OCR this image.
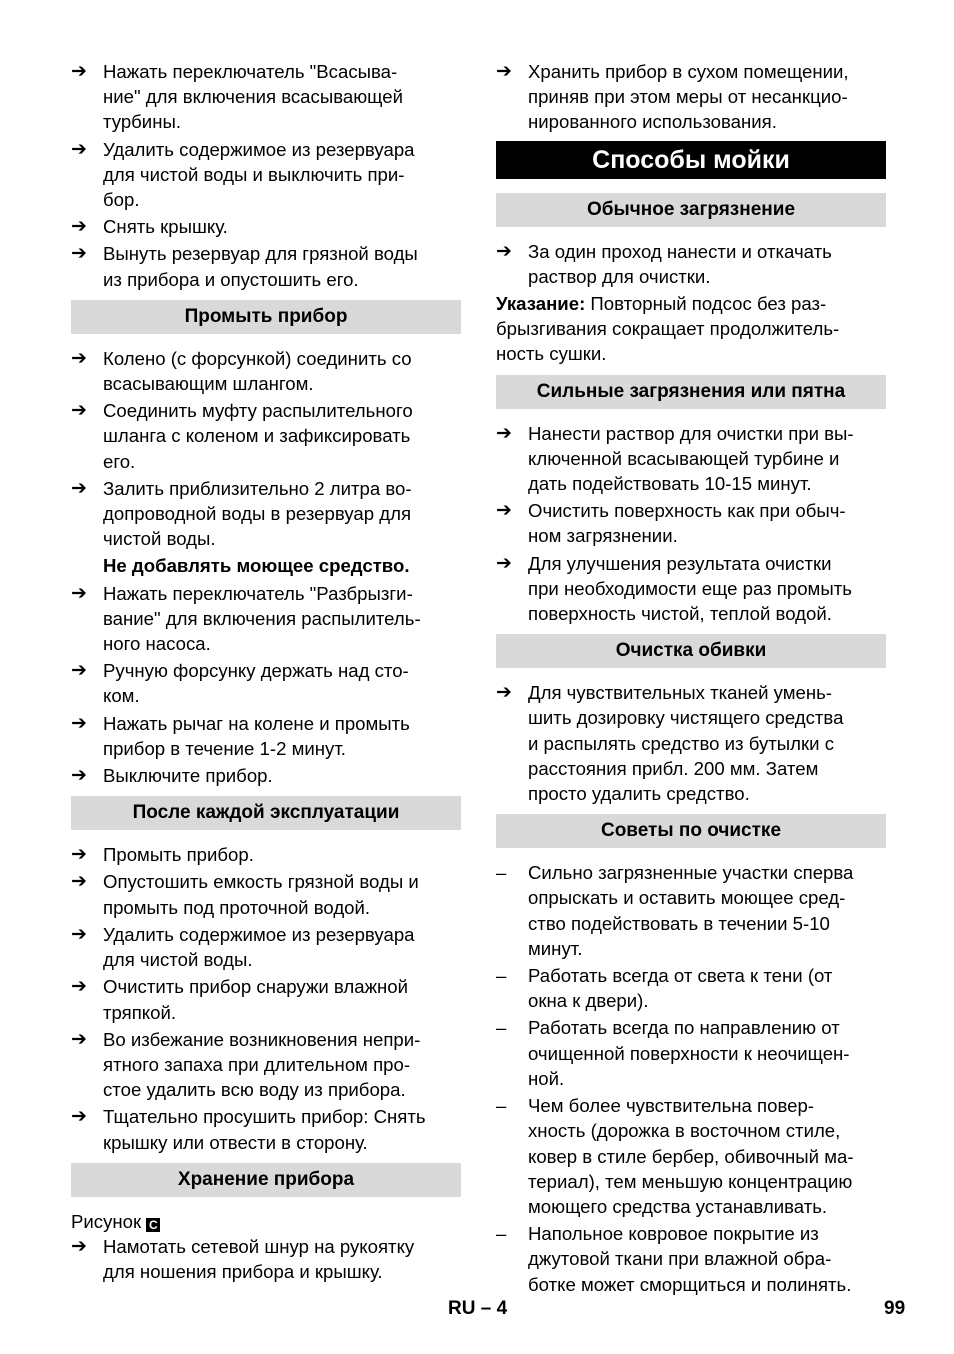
➔ Нажать переключатель "Всасыва-
ние" для включения всасывающей
турбины.
➔ Удалить содержимое из резервуара
для чистой воды и выключить при-
бор.
➔ Снять крышку.
➔ Вынуть резервуар для грязной воды
из прибора и опустошить его.
Промыть прибор
➔ Колено (с форсункой) соединить со
всасывающим шлангом.
➔ Соединить муфту распылительного
шланга с коленом и зафиксировать
его.
➔ Залить приблизительно 2 литра во-
допроводной воды в резервуар для
чистой воды.
Не добавлять моющее средство.
➔ Нажать переключатель "Разбрызги-
вание" для включения распылитель-
ного насоса.
➔ Ручную форсунку держать над сто-
ком.
➔ Нажать рычаг на колене и промыть
прибор в течение 1-2 минут.
➔ Выключите прибор.
После каждой эксплуатации
➔ Промыть прибор.
➔ Опустошить емкость грязной воды и
промыть под проточной водой.
➔ Удалить содержимое из резервуара
для чистой воды.
➔ Очистить прибор снаружи влажной
тряпкой.
➔ Во избежание возникновения непри-
ятного запаха при длительном про-
стое удалить всю воду из прибора.
➔ Тщательно просушить прибор: Снять
крышку или отвести в сторону.
Хранение прибора
Рисунок C
➔ Намотать сетевой шнур на рукоятку
для ношения прибора и крышку.
➔ Хранить прибор в сухом помещении,
приняв при этом меры от несанкцио-
нированного использования.
Способы мойки
Обычное загрязнение
➔ За один проход нанести и откачать
раствор для очистки.
Указание: Повторный подсос без раз-
брызгивания сокращает продолжитель-
ность сушки.
Сильные загрязнения или пятна
➔ Нанести раствор для очистки при вы-
ключенной всасывающей турбине и
дать подействовать 10-15 минут.
➔ Очистить поверхность как при обыч-
ном загрязнении.
➔ Для улучшения результата очистки
при необходимости еще раз промыть
поверхность чистой, теплой водой.
Очистка обивки
➔ Для чувствительных тканей умень-
шить дозировку чистящего средства
и распылять средство из бутылки с
расстояния прибл. 200 мм. Затем
просто удалить средство.
Советы по очистке
– Сильно загрязненные участки сперва
опрыскать и оставить моющее сред-
ство подействовать в течении 5-10
минут.
– Работать всегда от света к тени (от
окна к двери).
– Работать всегда по направлению от
очищенной поверхности к неочищен-
ной.
– Чем более чувствительна повер-
хность (дорожка в восточном стиле,
ковер в стиле бербер, обивочный ма-
териал), тем меньшую концентрацию
моющего средства устанавливать.
– Напольное ковровое покрытие из
джутовой ткани при влажной обра-
ботке может сморщиться и полинять.
RU – 4	99
